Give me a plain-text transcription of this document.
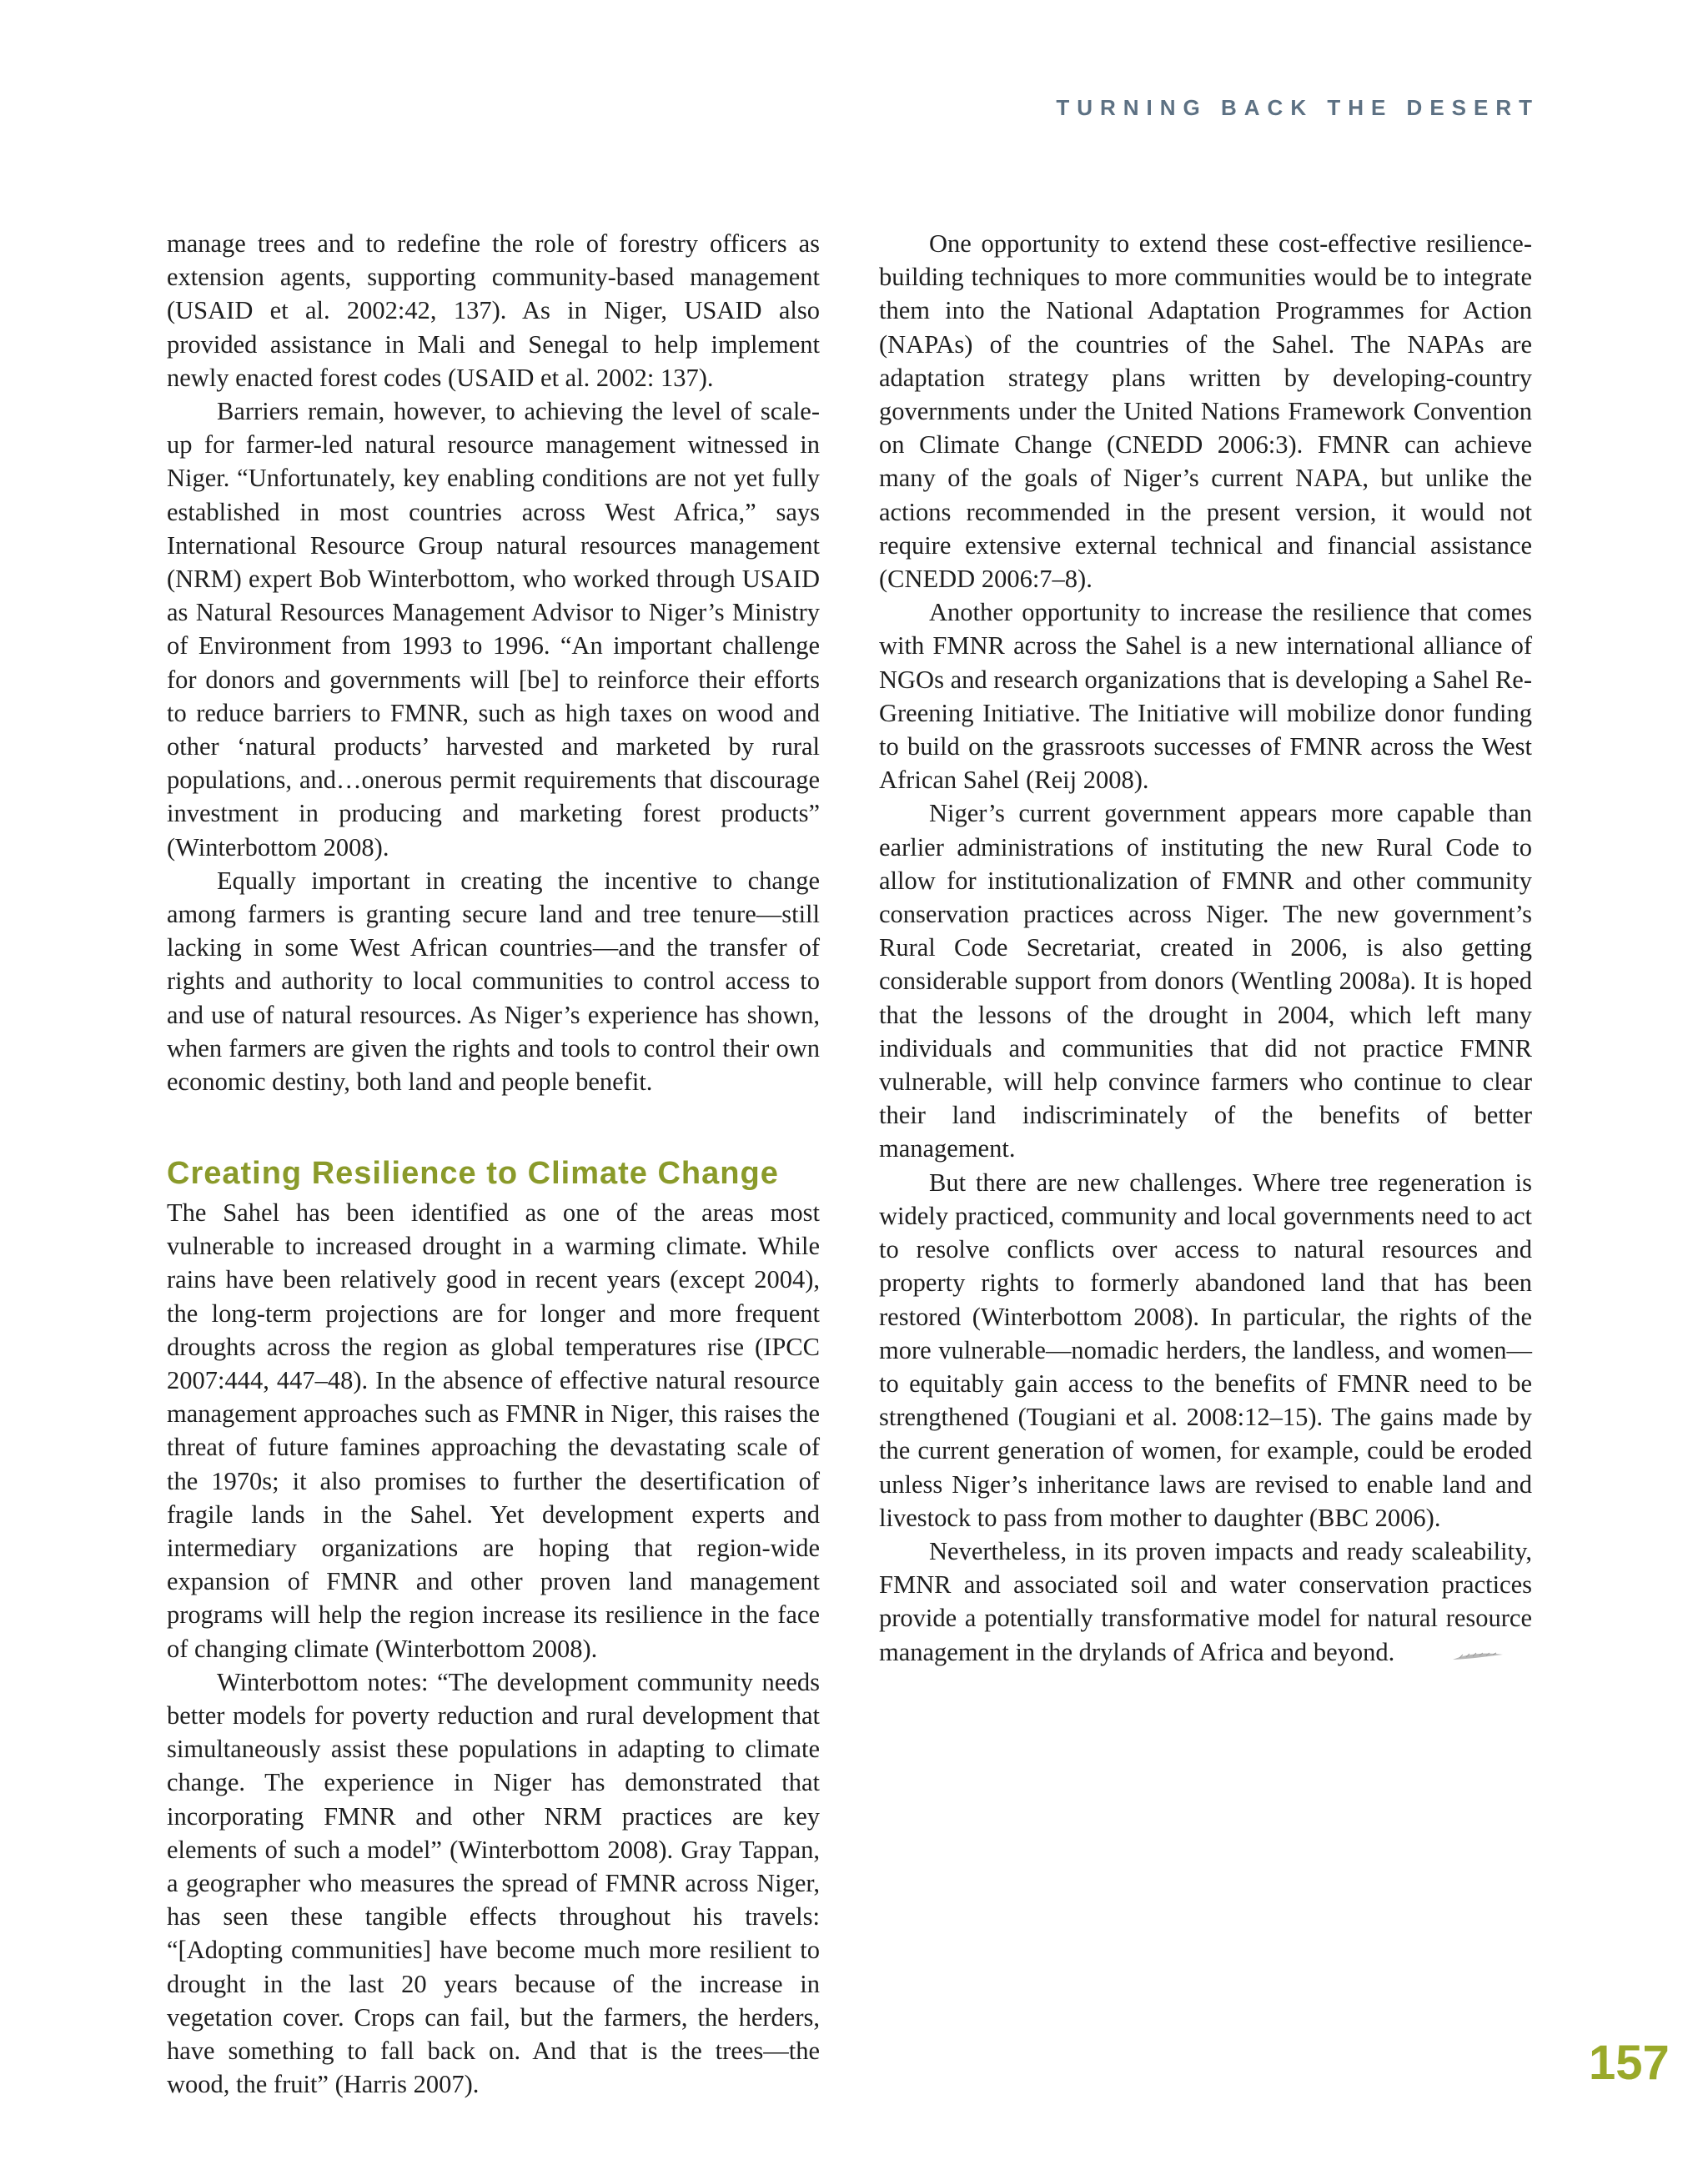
TURNING BACK THE DESERT

manage trees and to redefine the role of forestry officers as extension agents, supporting community-based management (USAID et al. 2002:42, 137). As in Niger, USAID also provided assistance in Mali and Senegal to help implement newly enacted forest codes (USAID et al. 2002: 137).

Barriers remain, however, to achieving the level of scale-up for farmer-led natural resource management witnessed in Niger. “Unfortunately, key enabling conditions are not yet fully established in most countries across West Africa,” says International Resource Group natural resources management (NRM) expert Bob Winterbottom, who worked through USAID as Natural Resources Management Advisor to Niger’s Ministry of Environment from 1993 to 1996. “An important challenge for donors and governments will [be] to reinforce their efforts to reduce barriers to FMNR, such as high taxes on wood and other ‘natural products’ harvested and marketed by rural populations, and…onerous permit requirements that discourage investment in producing and marketing forest products” (Winterbottom 2008).

Equally important in creating the incentive to change among farmers is granting secure land and tree tenure—still lacking in some West African countries—and the transfer of rights and authority to local communities to control access to and use of natural resources. As Niger’s experience has shown, when farmers are given the rights and tools to control their own economic destiny, both land and people benefit.

Creating Resilience to Climate Change

The Sahel has been identified as one of the areas most vulnerable to increased drought in a warming climate. While rains have been relatively good in recent years (except 2004), the long-term projections are for longer and more frequent droughts across the region as global temperatures rise (IPCC 2007:444, 447–48). In the absence of effective natural resource management approaches such as FMNR in Niger, this raises the threat of future famines approaching the devastating scale of the 1970s; it also promises to further the desertification of fragile lands in the Sahel. Yet development experts and intermediary organizations are hoping that region-wide expansion of FMNR and other proven land management programs will help the region increase its resilience in the face of changing climate (Winterbottom 2008).

Winterbottom notes: “The development community needs better models for poverty reduction and rural development that simultaneously assist these populations in adapting to climate change. The experience in Niger has demonstrated that incorporating FMNR and other NRM practices are key elements of such a model” (Winterbottom 2008). Gray Tappan, a geographer who measures the spread of FMNR across Niger, has seen these tangible effects throughout his travels: “[Adopting communities] have become much more resilient to drought in the last 20 years because of the increase in vegetation cover. Crops can fail, but the farmers, the herders, have something to fall back on. And that is the trees—the wood, the fruit” (Harris 2007).

One opportunity to extend these cost-effective resilience-building techniques to more communities would be to integrate them into the National Adaptation Programmes for Action (NAPAs) of the countries of the Sahel. The NAPAs are adaptation strategy plans written by developing-country governments under the United Nations Framework Convention on Climate Change (CNEDD 2006:3). FMNR can achieve many of the goals of Niger’s current NAPA, but unlike the actions recommended in the present version, it would not require extensive external technical and financial assistance (CNEDD 2006:7–8).

Another opportunity to increase the resilience that comes with FMNR across the Sahel is a new international alliance of NGOs and research organizations that is developing a Sahel Re-Greening Initiative. The Initiative will mobilize donor funding to build on the grassroots successes of FMNR across the West African Sahel (Reij 2008).

Niger’s current government appears more capable than earlier administrations of instituting the new Rural Code to allow for institutionalization of FMNR and other community conservation practices across Niger. The new government’s Rural Code Secretariat, created in 2006, is also getting considerable support from donors (Wentling 2008a). It is hoped that the lessons of the drought in 2004, which left many individuals and communities that did not practice FMNR vulnerable, will help convince farmers who continue to clear their land indiscriminately of the benefits of better management.

But there are new challenges. Where tree regeneration is widely practiced, community and local governments need to act to resolve conflicts over access to natural resources and property rights to formerly abandoned land that has been restored (Winterbottom 2008). In particular, the rights of the more vulnerable—nomadic herders, the landless, and women—to equitably gain access to the benefits of FMNR need to be strengthened (Tougiani et al. 2008:12–15). The gains made by the current generation of women, for example, could be eroded unless Niger’s inheritance laws are revised to enable land and livestock to pass from mother to daughter (BBC 2006).

Nevertheless, in its proven impacts and ready scaleability, FMNR and associated soil and water conservation practices provide a potentially transformative model for natural resource management in the drylands of Africa and beyond.

157
